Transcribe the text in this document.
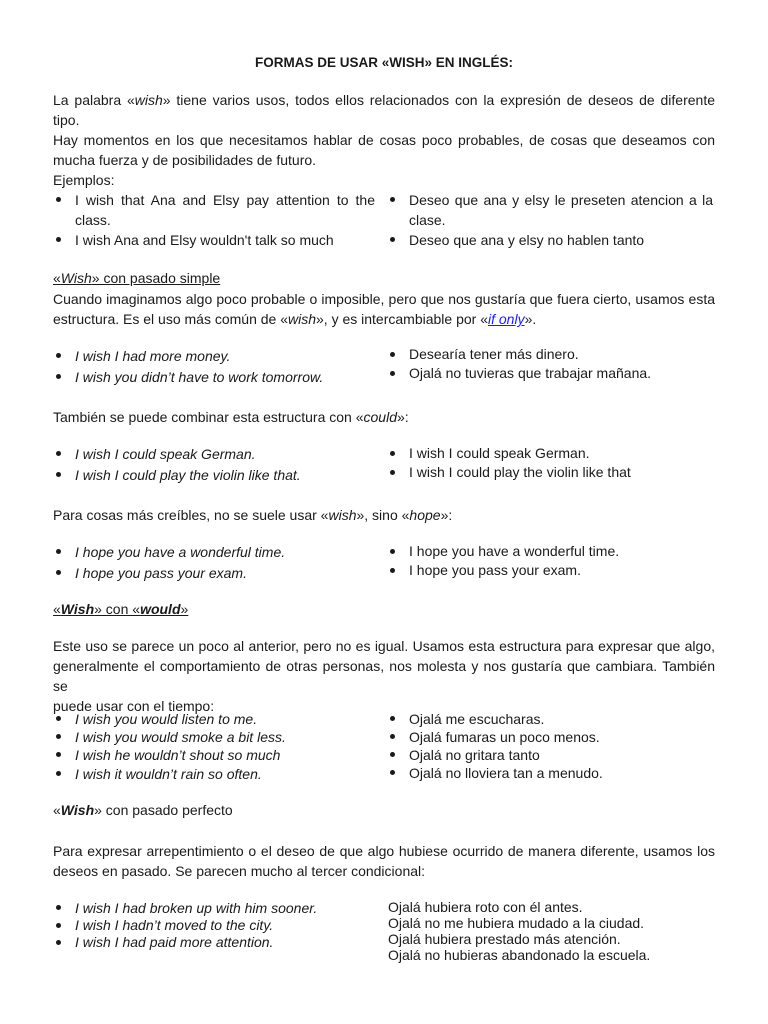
FORMAS DE USAR «WISH» EN INGLÉS:
La palabra «wish» tiene varios usos, todos ellos relacionados con la expresión de deseos de diferente tipo.
Hay momentos en los que necesitamos hablar de cosas poco probables, de cosas que deseamos con
mucha fuerza y de posibilidades de futuro.
Ejemplos:
I wish that Ana and Elsy pay attention to the class.
I wish Ana and Elsy wouldn't talk so much
Deseo que ana y elsy le preseten atencion a la clase.
Deseo que ana y elsy no hablen tanto
«Wish» con pasado simple
Cuando imaginamos algo poco probable o imposible, pero que nos gustaría que fuera cierto, usamos esta
estructura. Es el uso más común de «wish», y es intercambiable por «if only».
I wish I had more money.
I wish you didn’t have to work tomorrow.
Desearía tener más dinero.
Ojalá no tuvieras que trabajar mañana.
También se puede combinar esta estructura con «could»:
I wish I could speak German.
I wish I could play the violin like that.
I wish I could speak German.
I wish I could play the violin like that
Para cosas más creíbles, no se suele usar «wish», sino «hope»:
I hope you have a wonderful time.
I hope you pass your exam.
I hope you have a wonderful time.
I hope you pass your exam.
«Wish» con «would»
Este uso se parece un poco al anterior, pero no es igual. Usamos esta estructura para expresar que algo,
generalmente el comportamiento de otras personas, nos molesta y nos gustaría que cambiara. También se
puede usar con el tiempo:
I wish you would listen to me.
I wish you would smoke a bit less.
I wish he wouldn’t shout so much
I wish it wouldn’t rain so often.
Ojalá me escucharas.
Ojalá fumaras un poco menos.
Ojalá no gritara tanto
Ojalá no lloviera tan a menudo.
«Wish» con pasado perfecto
Para expresar arrepentimiento o el deseo de que algo hubiese ocurrido de manera diferente, usamos los
deseos en pasado. Se parecen mucho al tercer condicional:
I wish I had broken up with him sooner.
I wish I hadn’t moved to the city.
I wish I had paid more attention.
Ojalá hubiera roto con él antes.
Ojalá no me hubiera mudado a la ciudad.
Ojalá hubiera prestado más atención.
Ojalá no hubieras abandonado la escuela.
